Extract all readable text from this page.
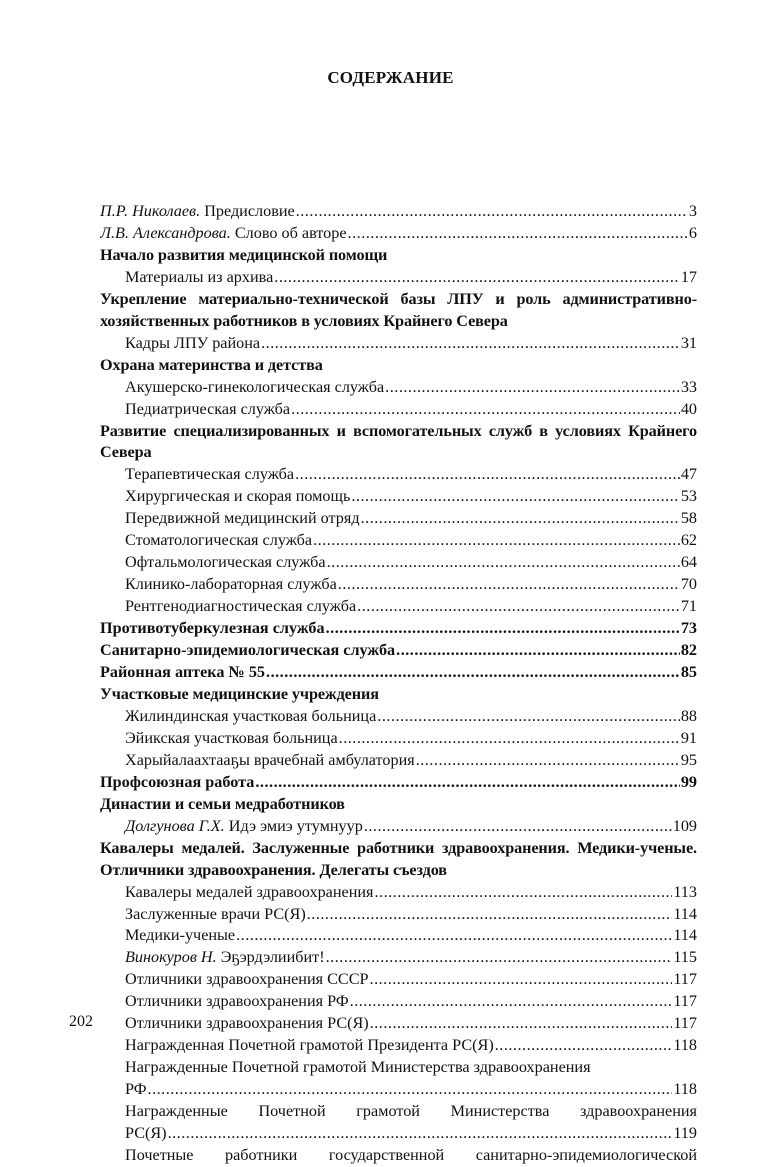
СОДЕРЖАНИЕ
П.Р. Николаев. Предисловие .....	3
Л.В. Александрова. Слово об авторе .....	6
Начало развития медицинской помощи
Материалы из архива .....	17
Укрепление материально-технической базы ЛПУ и роль административно-хозяйственных работников в условиях Крайнего Севера
Кадры ЛПУ района .....	31
Охрана материнства и детства
Акушерско-гинекологическая служба .....	33
Педиатрическая служба .....	40
Развитие специализированных и вспомогательных служб в условиях Крайнего Севера
Терапевтическая служба .....	47
Хирургическая и скорая помощь .....	53
Передвижной медицинский отряд .....	58
Стоматологическая служба .....	62
Офтальмологическая служба .....	64
Клинико-лабораторная служба .....	70
Рентгенодиагностическая служба .....	71
Противотуберкулезная служба .....	73
Санитарно-эпидемиологическая служба .....	82
Районная аптека № 55 .....	85
Участковые медицинские учреждения
Жилиндинская участковая больница .....	88
Эйикская участковая больница .....	91
Харыйалаахтааҕы врачебнай амбулатория .....	95
Профсоюзная работа .....	99
Династии и семьи медработников
Долгунова Г.Х. Идэ эмиэ утумнуур .....	109
Кавалеры медалей. Заслуженные работники здравоохранения. Медики-ученые. Отличники здравоохранения. Делегаты съездов
Кавалеры медалей здравоохранения .....	113
Заслуженные врачи РС(Я) .....	114
Медики-ученые .....	114
Винокуров Н. Эҕэрдэлиибит! .....	115
Отличники здравоохранения СССР .....	117
Отличники здравоохранения РФ .....	117
Отличники здравоохранения РС(Я) .....	117
Награжденная Почетной грамотой Президента РС(Я) .....	118
Награжденные Почетной грамотой Министерства здравоохранения
РФ .....	118
Награжденные Почетной грамотой Министерства здравоохранения
РС(Я) .....	119
Почетные работники государственной санитарно-эпидемиологической
202
